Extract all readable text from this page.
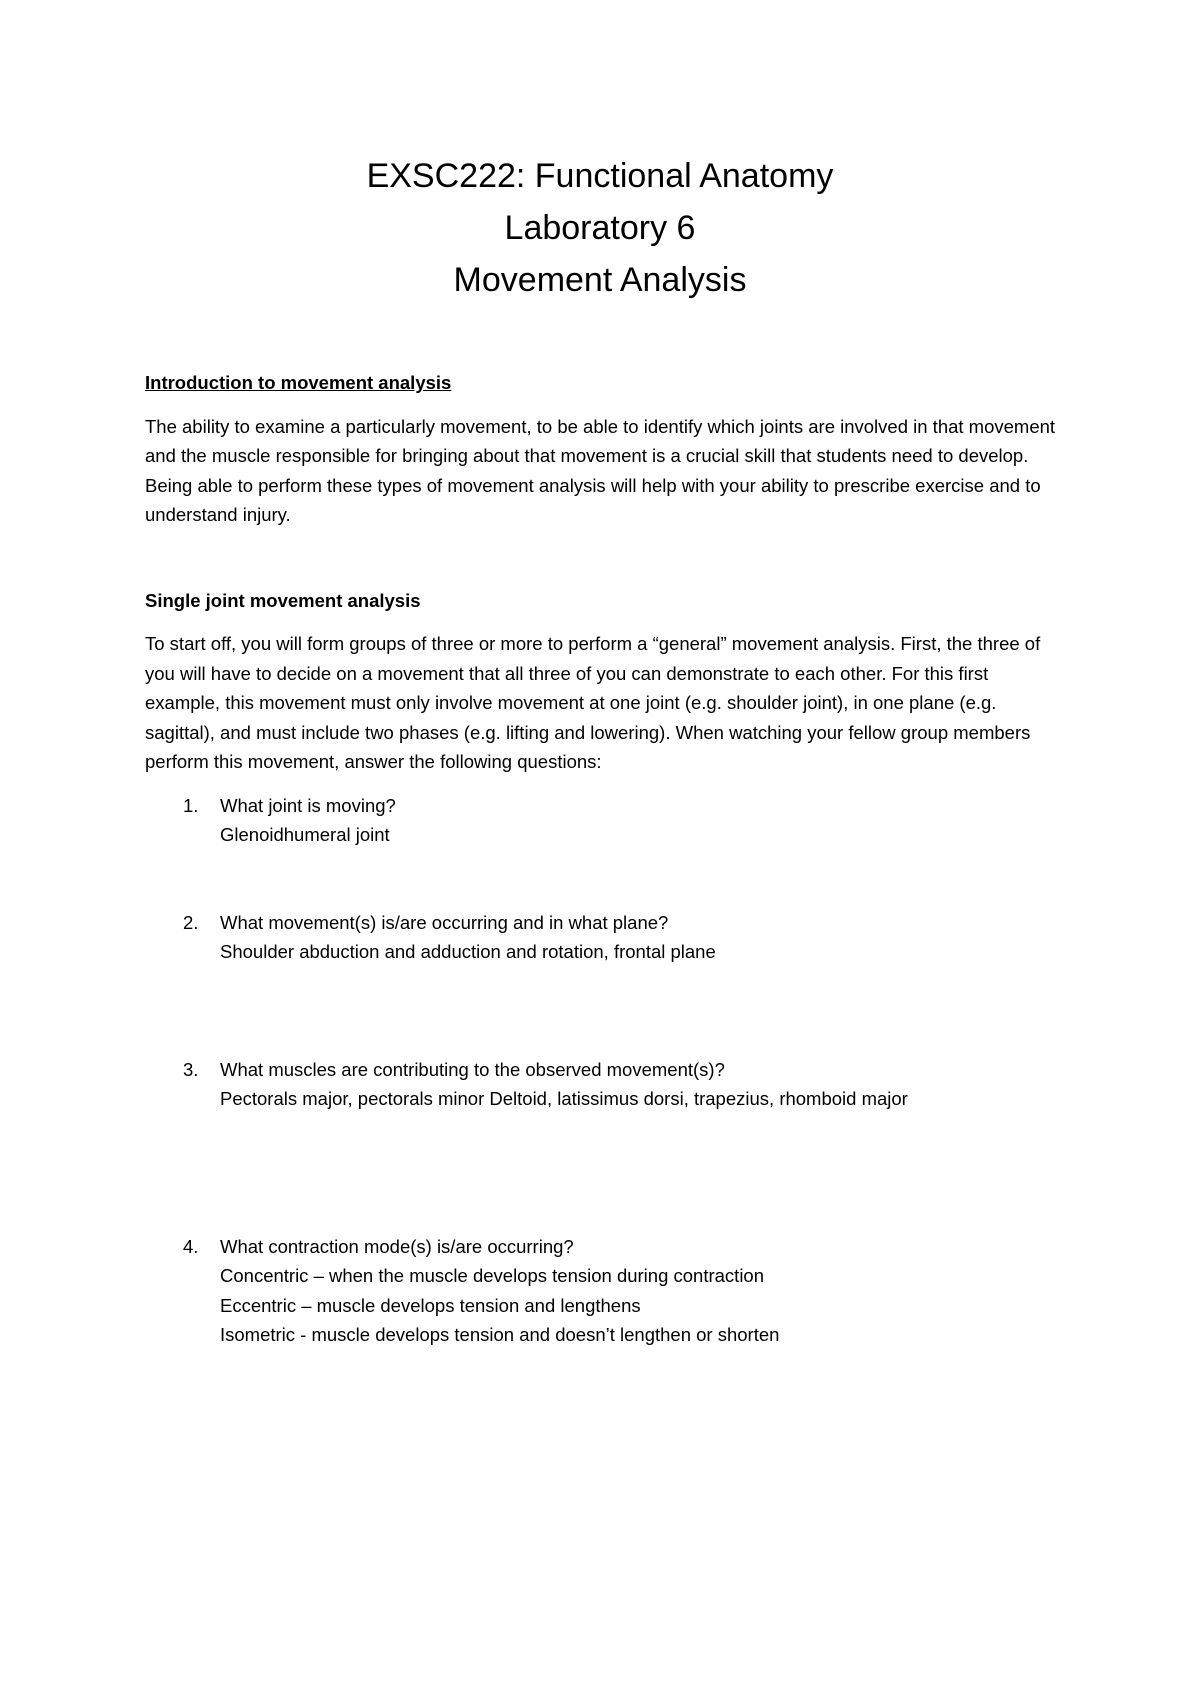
EXSC222: Functional Anatomy

Laboratory 6

Movement Analysis

Introduction to movement analysis

The ability to examine a particularly movement, to be able to identify which joints are involved in that movement and the muscle responsible for bringing about that movement is a crucial skill that students need to develop. Being able to perform these types of movement analysis will help with your ability to prescribe exercise and to understand injury.

Single joint movement analysis

To start off, you will form groups of three or more to perform a “general” movement analysis. First, the three of you will have to decide on a movement that all three of you can demonstrate to each other. For this first example, this movement must only involve movement at one joint (e.g. shoulder joint), in one plane (e.g. sagittal), and must include two phases (e.g. lifting and lowering). When watching your fellow group members perform this movement, answer the following questions:

1. What joint is moving?
Glenoidhumeral joint
2. What movement(s) is/are occurring and in what plane?
Shoulder abduction and adduction and rotation, frontal plane
3. What muscles are contributing to the observed movement(s)?
Pectorals major, pectorals minor Deltoid, latissimus dorsi, trapezius, rhomboid major
4. What contraction mode(s) is/are occurring?
Concentric – when the muscle develops tension during contraction
Eccentric – muscle develops tension and lengthens
Isometric - muscle develops tension and doesn’t lengthen or shorten
